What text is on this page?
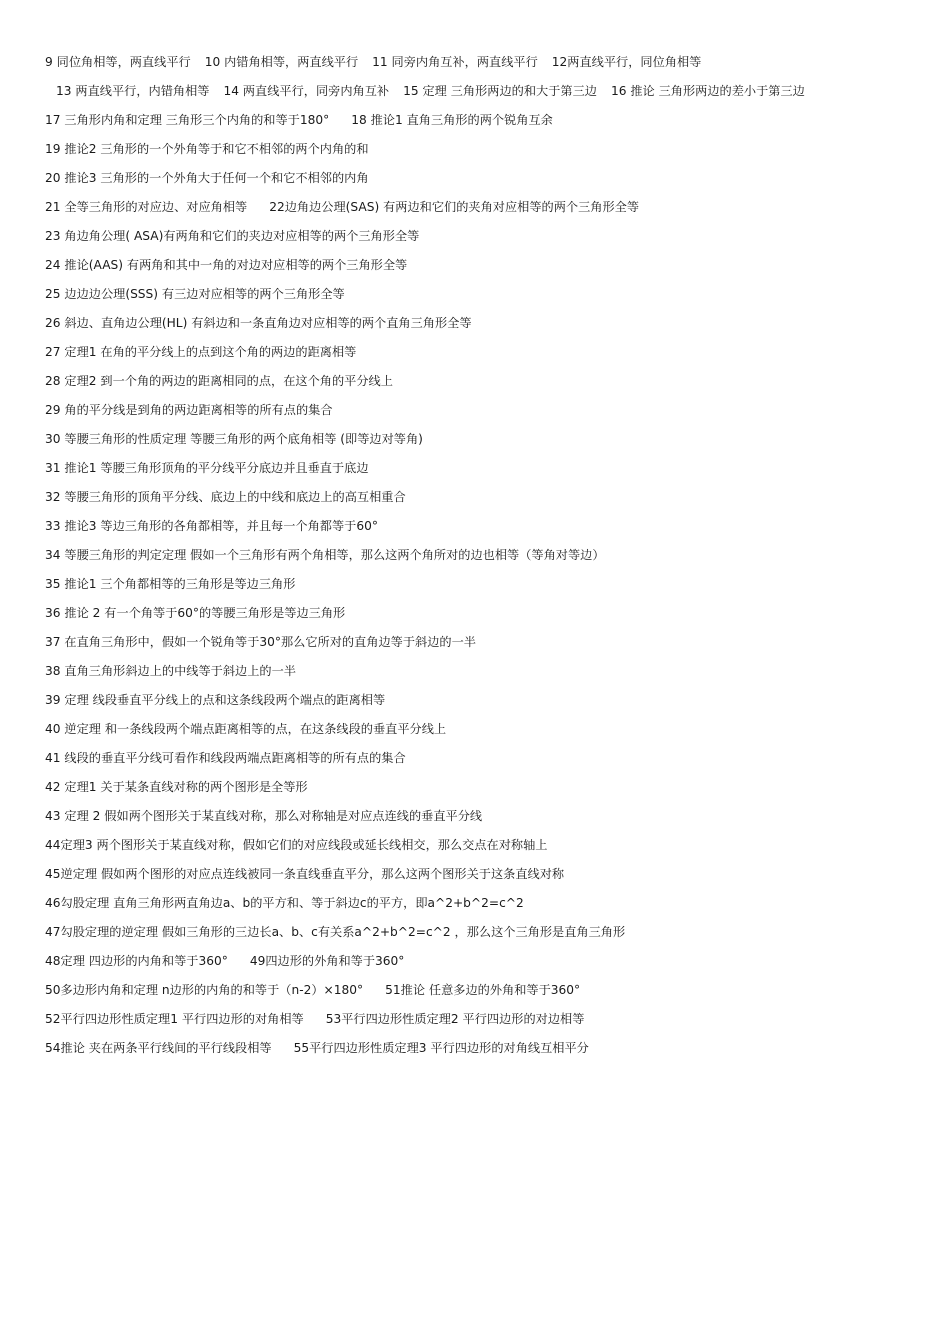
9 同位角相等，两直线平行 10 内错角相等，两直线平行 11 同旁内角互补，两直线平行 12两直线平行，同位角相等
13 两直线平行，内错角相等 14 两直线平行，同旁内角互补 15 定理 三角形两边的和大于第三边 16 推论 三角形两边的差小于第三边
17 三角形内角和定理 三角形三个内角的和等于180° 18 推论1 直角三角形的两个锐角互余
19 推论2 三角形的一个外角等于和它不相邻的两个内角的和
20 推论3 三角形的一个外角大于任何一个和它不相邻的内角
21 全等三角形的对应边、对应角相等 22边角边公理(SAS) 有两边和它们的夹角对应相等的两个三角形全等
23 角边角公理( ASA)有两角和它们的夹边对应相等的两个三角形全等
24 推论(AAS) 有两角和其中一角的对边对应相等的两个三角形全等
25 边边边公理(SSS) 有三边对应相等的两个三角形全等
26 斜边、直角边公理(HL) 有斜边和一条直角边对应相等的两个直角三角形全等
27 定理1 在角的平分线上的点到这个角的两边的距离相等
28 定理2 到一个角的两边的距离相同的点，在这个角的平分线上
29 角的平分线是到角的两边距离相等的所有点的集合
30 等腰三角形的性质定理 等腰三角形的两个底角相等 (即等边对等角)
31 推论1 等腰三角形顶角的平分线平分底边并且垂直于底边
32 等腰三角形的顶角平分线、底边上的中线和底边上的高互相重合
33 推论3 等边三角形的各角都相等，并且每一个角都等于60°
34 等腰三角形的判定定理 假如一个三角形有两个角相等，那么这两个角所对的边也相等（等角对等边）
35 推论1 三个角都相等的三角形是等边三角形
36 推论 2 有一个角等于60°的等腰三角形是等边三角形
37 在直角三角形中，假如一个锐角等于30°那么它所对的直角边等于斜边的一半
38 直角三角形斜边上的中线等于斜边上的一半
39 定理 线段垂直平分线上的点和这条线段两个端点的距离相等
40 逆定理 和一条线段两个端点距离相等的点，在这条线段的垂直平分线上
41 线段的垂直平分线可看作和线段两端点距离相等的所有点的集合
42 定理1 关于某条直线对称的两个图形是全等形
43 定理 2 假如两个图形关于某直线对称，那么对称轴是对应点连线的垂直平分线
44定理3 两个图形关于某直线对称，假如它们的对应线段或延长线相交，那么交点在对称轴上
45逆定理 假如两个图形的对应点连线被同一条直线垂直平分，那么这两个图形关于这条直线对称
46勾股定理 直角三角形两直角边a、b的平方和、等于斜边c的平方，即a^2+b^2=c^2
47勾股定理的逆定理 假如三角形的三边长a、b、c有关系a^2+b^2=c^2 ，那么这个三角形是直角三角形
48定理 四边形的内角和等于360° 49四边形的外角和等于360°
50多边形内角和定理 n边形的内角的和等于（n-2）×180° 51推论 任意多边的外角和等于360°
52平行四边形性质定理1 平行四边形的对角相等 53平行四边形性质定理2 平行四边形的对边相等
54推论 夹在两条平行线间的平行线段相等 55平行四边形性质定理3 平行四边形的对角线互相平分
